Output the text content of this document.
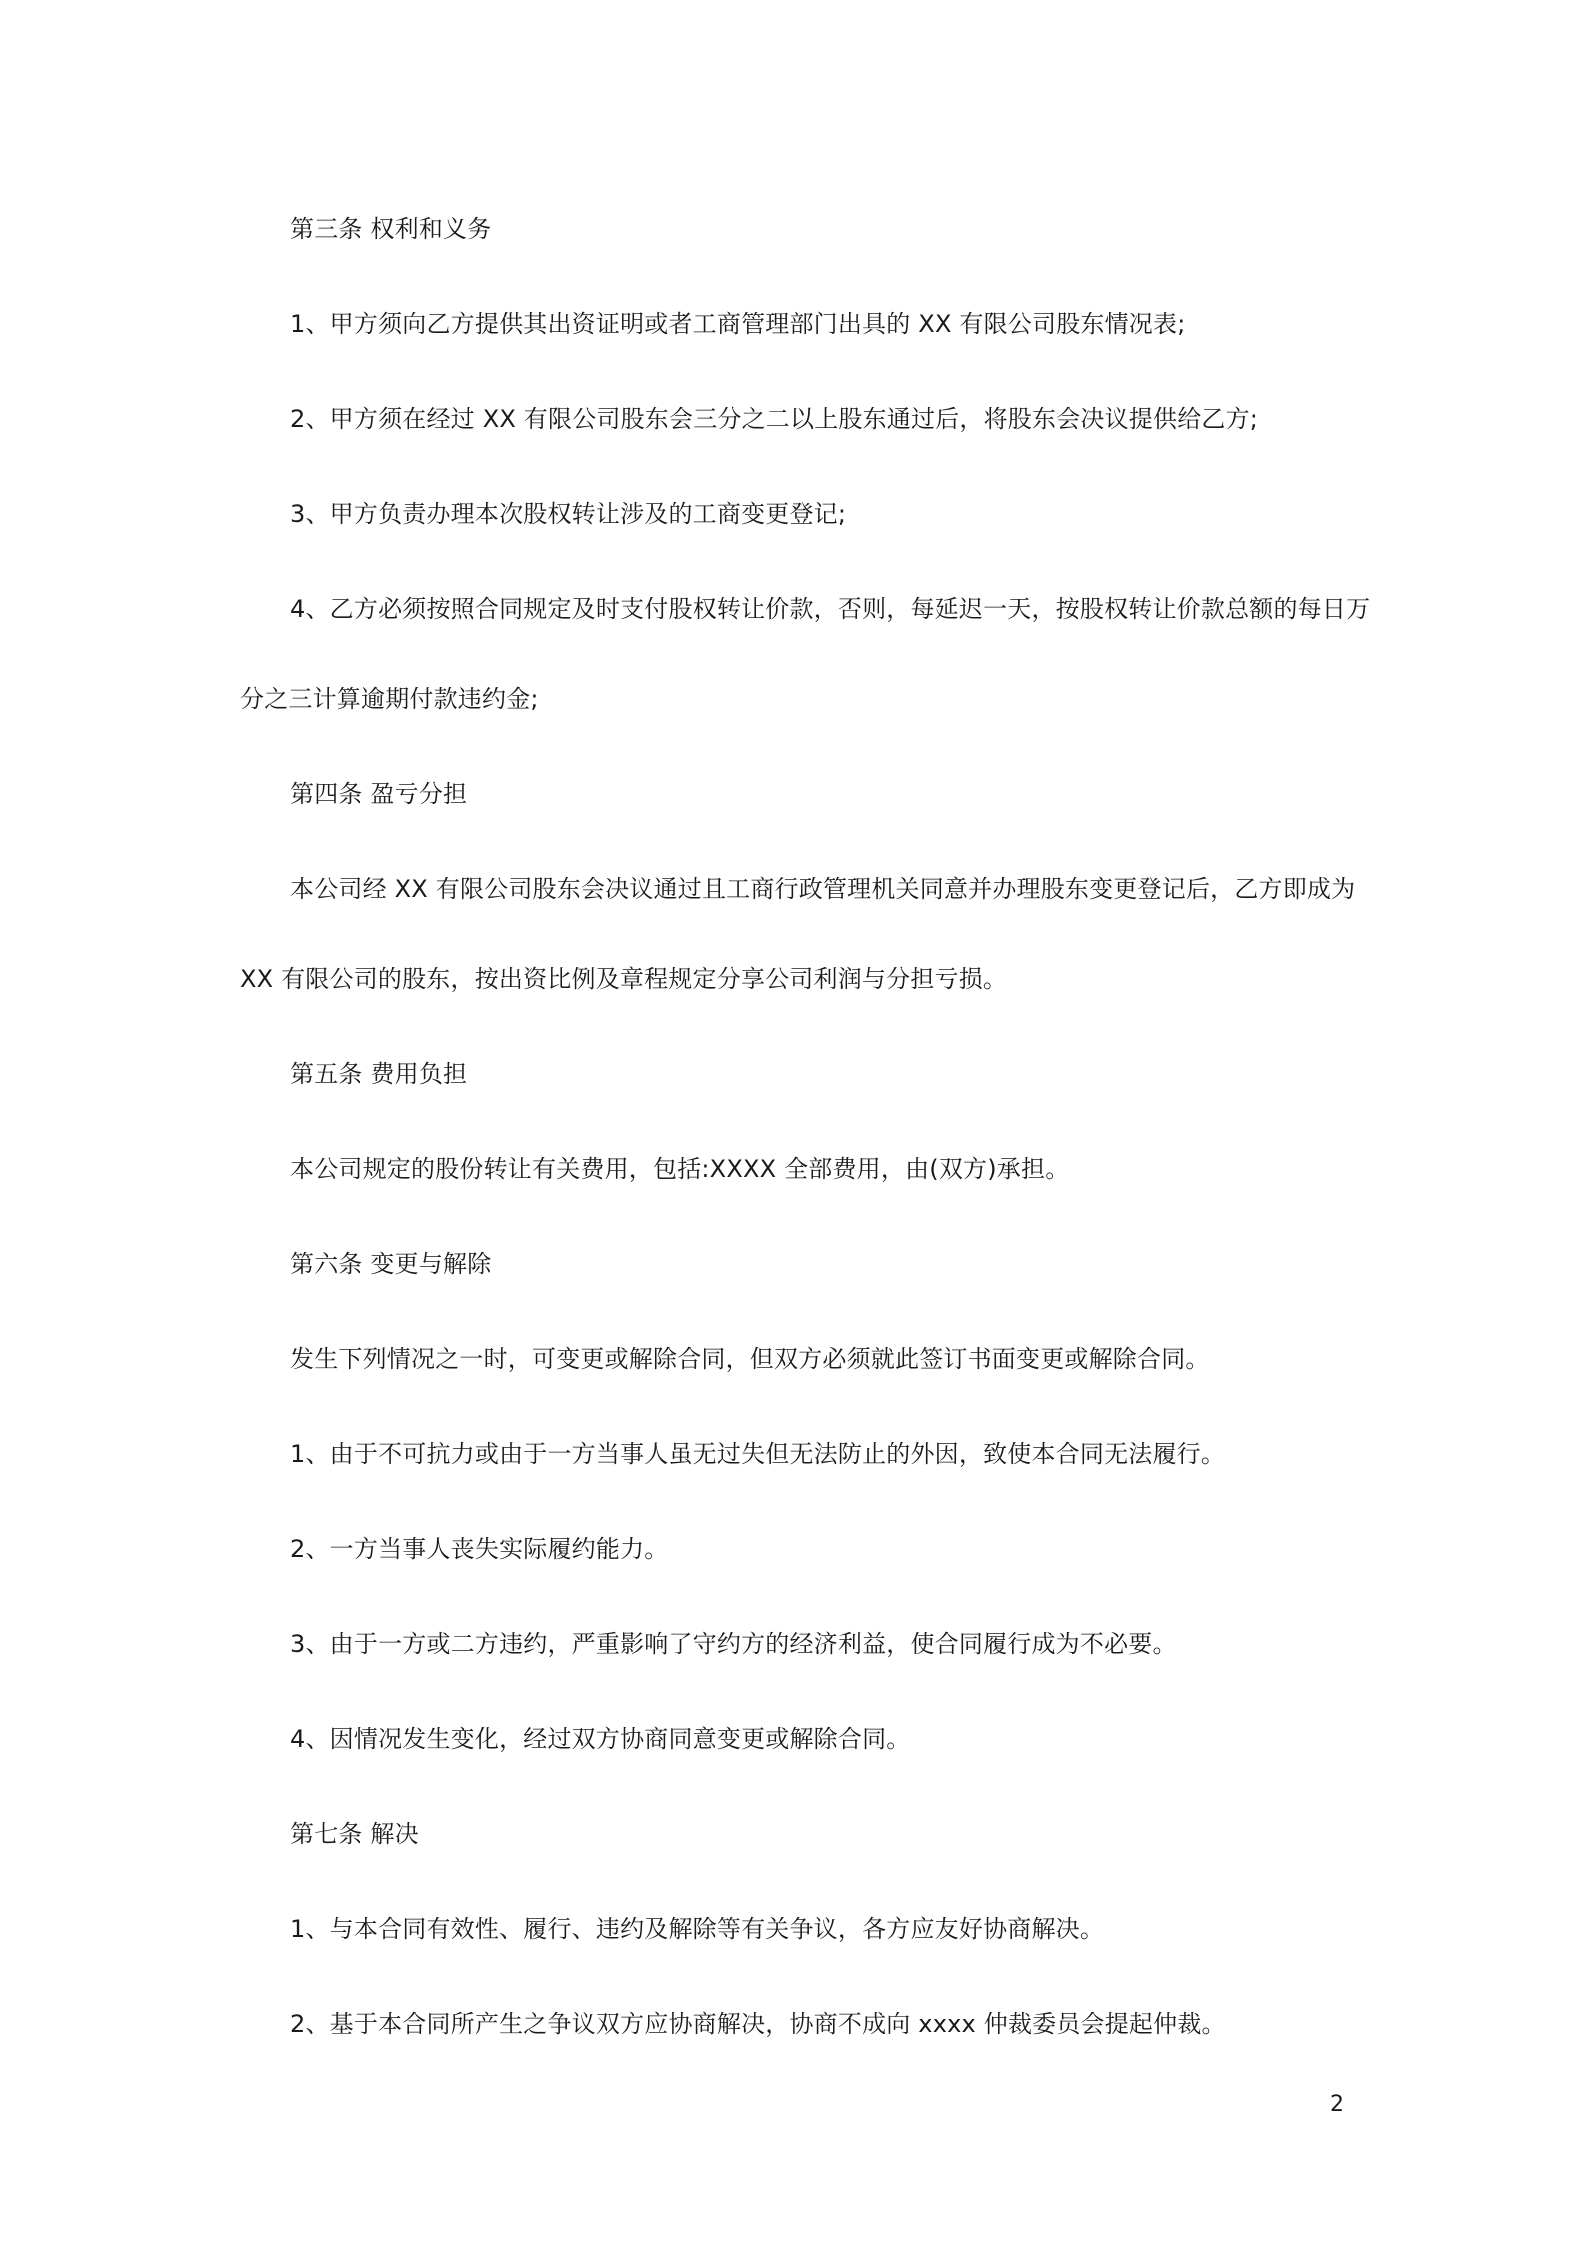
第三条 权利和义务
1、甲方须向乙方提供其出资证明或者工商管理部门出具的 XX 有限公司股东情况表;
2、甲方须在经过 XX 有限公司股东会三分之二以上股东通过后，将股东会决议提供给乙方;
3、甲方负责办理本次股权转让涉及的工商变更登记;
4、乙方必须按照合同规定及时支付股权转让价款，否则，每延迟一天，按股权转让价款总额的每日万
分之三计算逾期付款违约金;
第四条 盈亏分担
本公司经 XX 有限公司股东会决议通过且工商行政管理机关同意并办理股东变更登记后，乙方即成为
XX 有限公司的股东，按出资比例及章程规定分享公司利润与分担亏损。
第五条 费用负担
本公司规定的股份转让有关费用，包括:XXXX 全部费用，由(双方)承担。
第六条 变更与解除
发生下列情况之一时，可变更或解除合同，但双方必须就此签订书面变更或解除合同。
1、由于不可抗力或由于一方当事人虽无过失但无法防止的外因，致使本合同无法履行。
2、一方当事人丧失实际履约能力。
3、由于一方或二方违约，严重影响了守约方的经济利益，使合同履行成为不必要。
4、因情况发生变化，经过双方协商同意变更或解除合同。
第七条 解决
1、与本合同有效性、履行、违约及解除等有关争议，各方应友好协商解决。
2、基于本合同所产生之争议双方应协商解决，协商不成向 xxxx 仲裁委员会提起仲裁。
2
